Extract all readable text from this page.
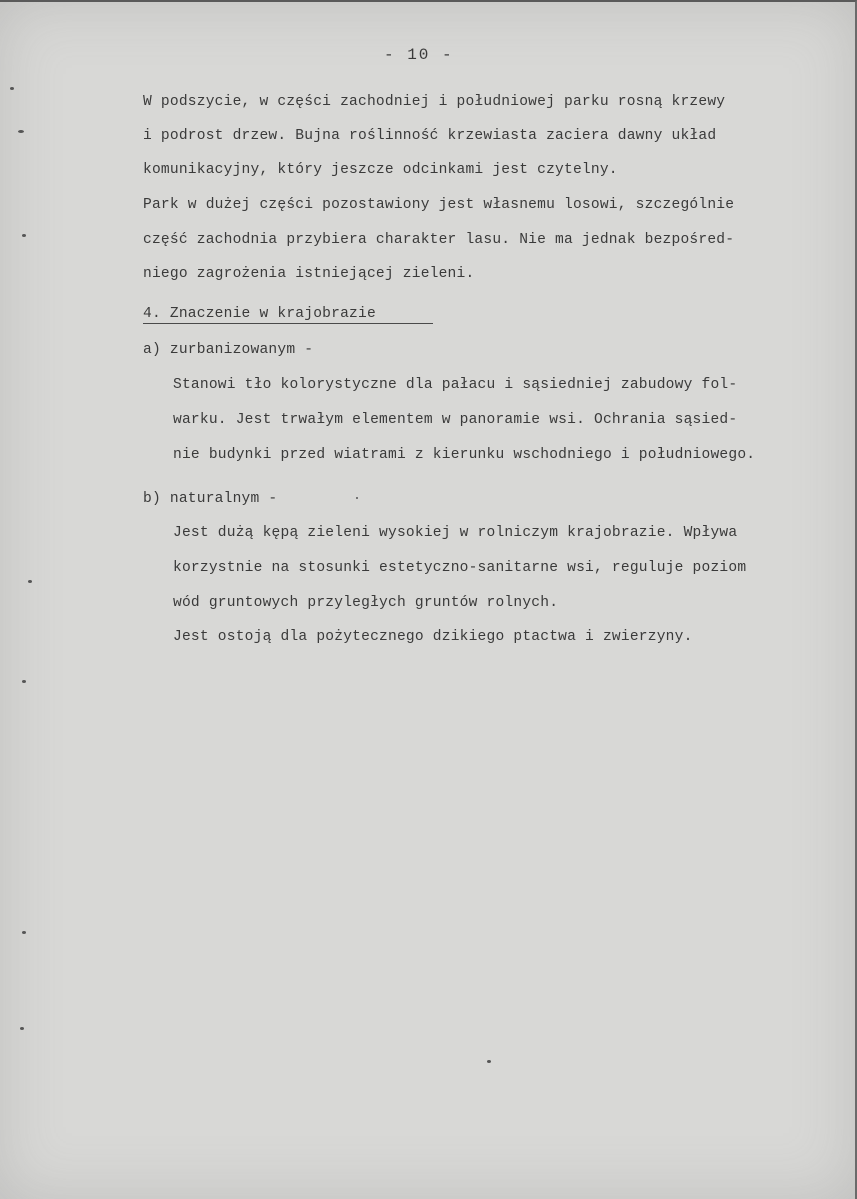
- 10 -
W podszycie, w części zachodniej i południowej parku rosną krzewy
i podrost drzew. Bujna roślinność krzewiasta zaciera dawny układ
komunikacyjny, który jeszcze odcinkami jest czytelny.
Park w dużej części pozostawiony jest własnemu losowi, szczególnie
część zachodnia przybiera charakter lasu. Nie ma jednak bezpośred-
niego zagrożenia istniejącej zieleni.
4. Znaczenie w krajobrazie
a) zurbanizowanym -
Stanowi tło kolorystyczne dla pałacu i sąsiedniej zabudowy fol-
warku. Jest trwałym elementem w panoramie wsi. Ochrania sąsied-
nie budynki przed wiatrami z kierunku wschodniego i południowego.
b) naturalnym -
Jest dużą kępą zieleni wysokiej w rolniczym krajobrazie. Wpływa
korzystnie na stosunki estetyczno-sanitarne wsi, reguluje poziom
wód gruntowych przyległych gruntów rolnych.
Jest ostoją dla pożytecznego dzikiego ptactwa i zwierzyny.
